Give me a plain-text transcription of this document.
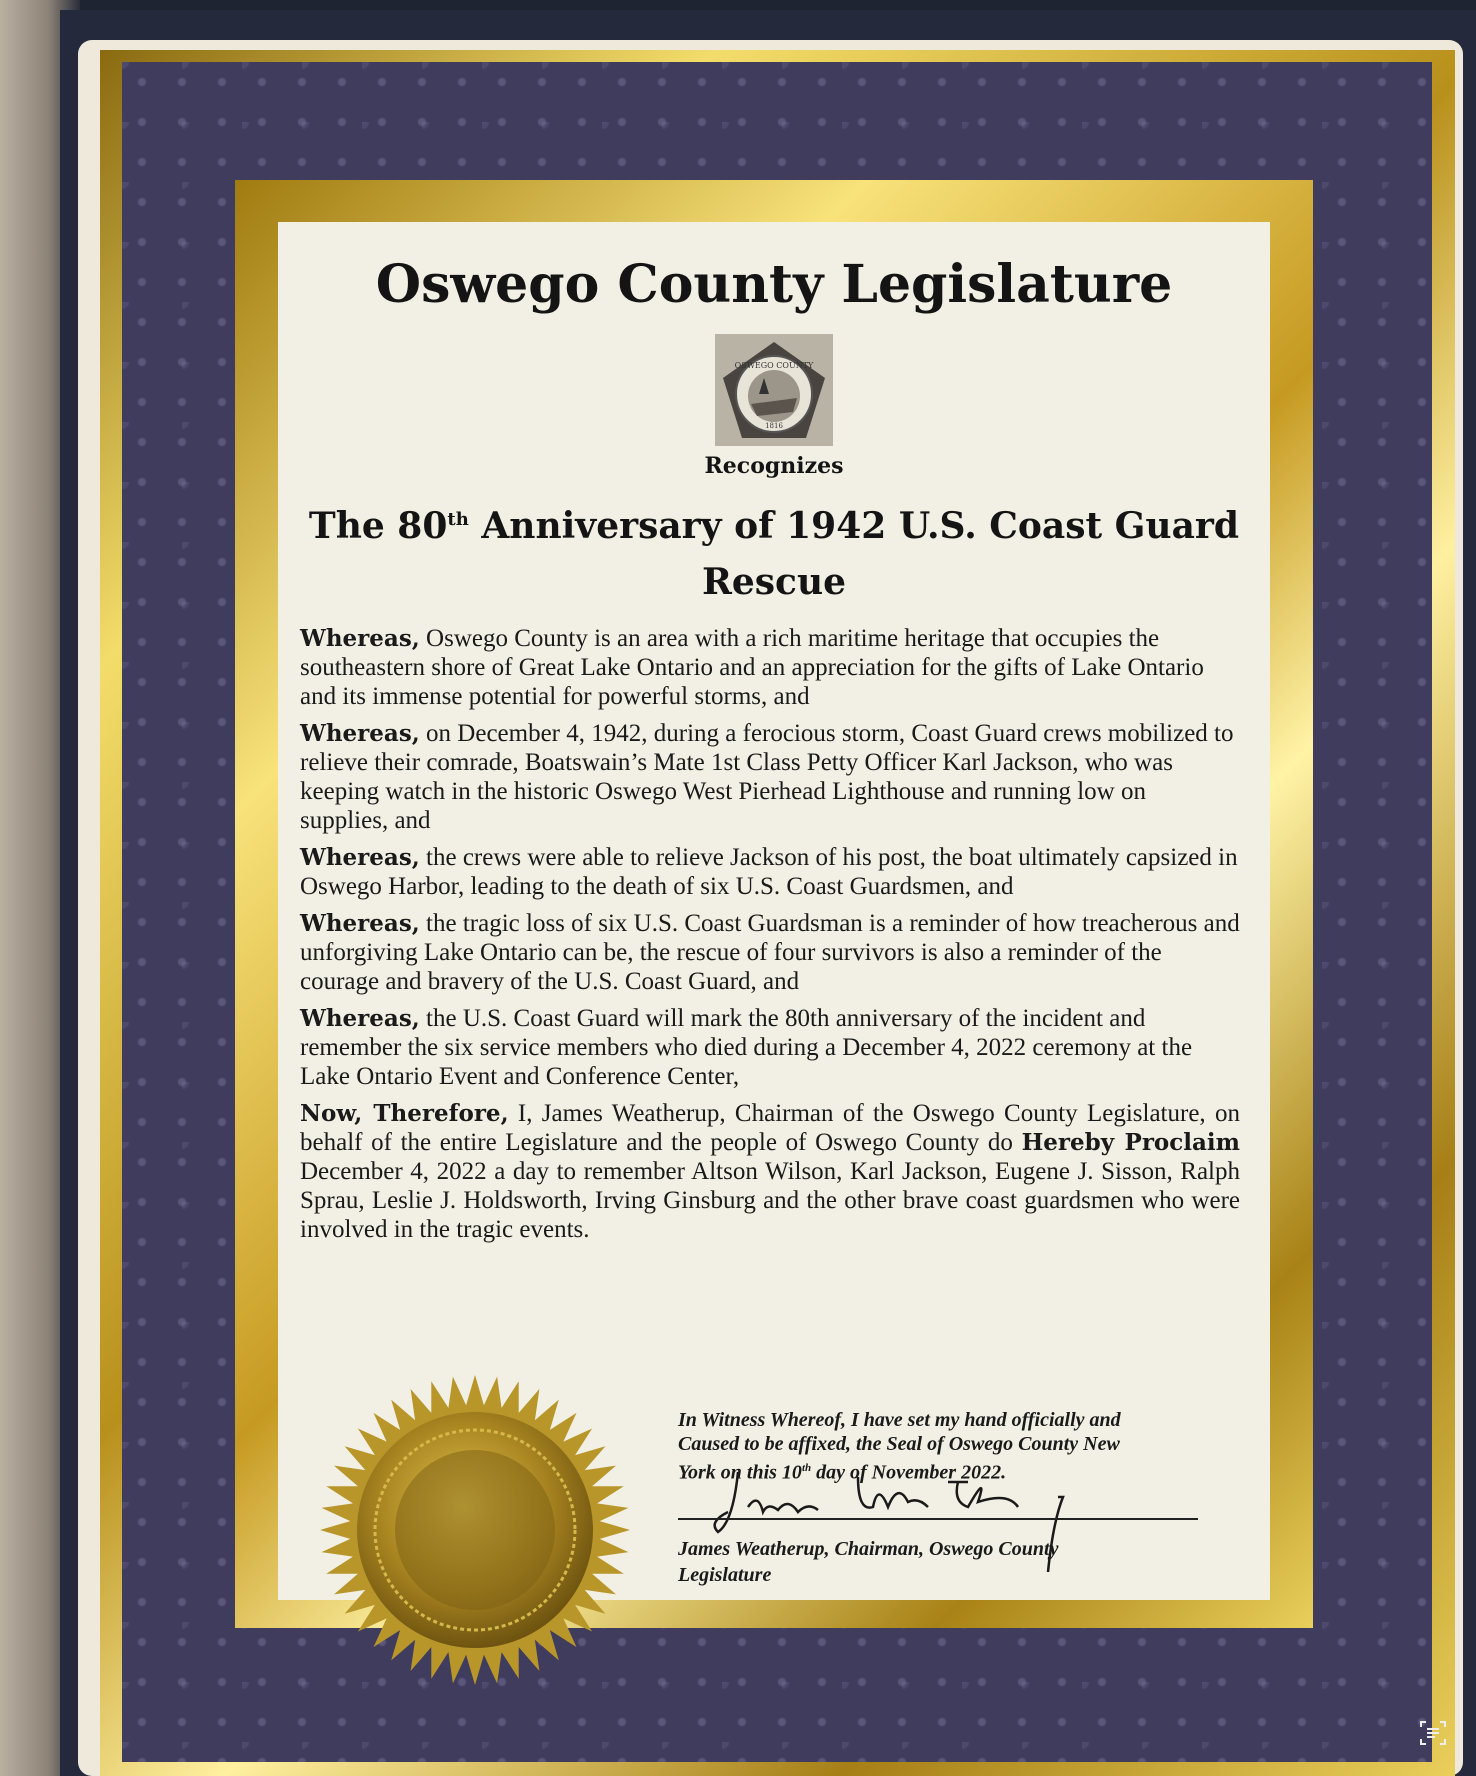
Oswego County Legislature
OSWEGO COUNTY
1816
Recognizes
The 80th Anniversary of 1942 U.S. Coast Guard
Rescue

Whereas, Oswego County is an area with a rich maritime heritage that occupies the southeastern shore of Great Lake Ontario and an appreciation for the gifts of Lake Ontario and its immense potential for powerful storms, and

Whereas, on December 4, 1942, during a ferocious storm, Coast Guard crews mobilized to relieve their comrade, Boatswain’s Mate 1st Class Petty Officer Karl Jackson, who was keeping watch in the historic Oswego West Pierhead Lighthouse and running low on supplies, and

Whereas, the crews were able to relieve Jackson of his post, the boat ultimately capsized in Oswego Harbor, leading to the death of six U.S. Coast Guardsmen, and

Whereas, the tragic loss of six U.S. Coast Guardsman is a reminder of how treacherous and unforgiving Lake Ontario can be, the rescue of four survivors is also a reminder of the courage and bravery of the U.S. Coast Guard, and

Whereas, the U.S. Coast Guard will mark the 80th anniversary of the incident and remember the six service members who died during a December 4, 2022 ceremony at the Lake Ontario Event and Conference Center,

Now, Therefore, I, James Weatherup, Chairman of the Oswego County Legislature, on behalf of the entire Legislature and the people of Oswego County do Hereby Proclaim December 4, 2022 a day to remember Altson Wilson, Karl Jackson, Eugene J. Sisson, Ralph Sprau, Leslie J. Holdsworth, Irving Ginsburg and the other brave coast guardsmen who were involved in the tragic events.

In Witness Whereof, I have set my hand officially and Caused to be affixed, the Seal of Oswego County New York on this 10th day of November 2022.
James Weatherup, Chairman, Oswego County Legislature
